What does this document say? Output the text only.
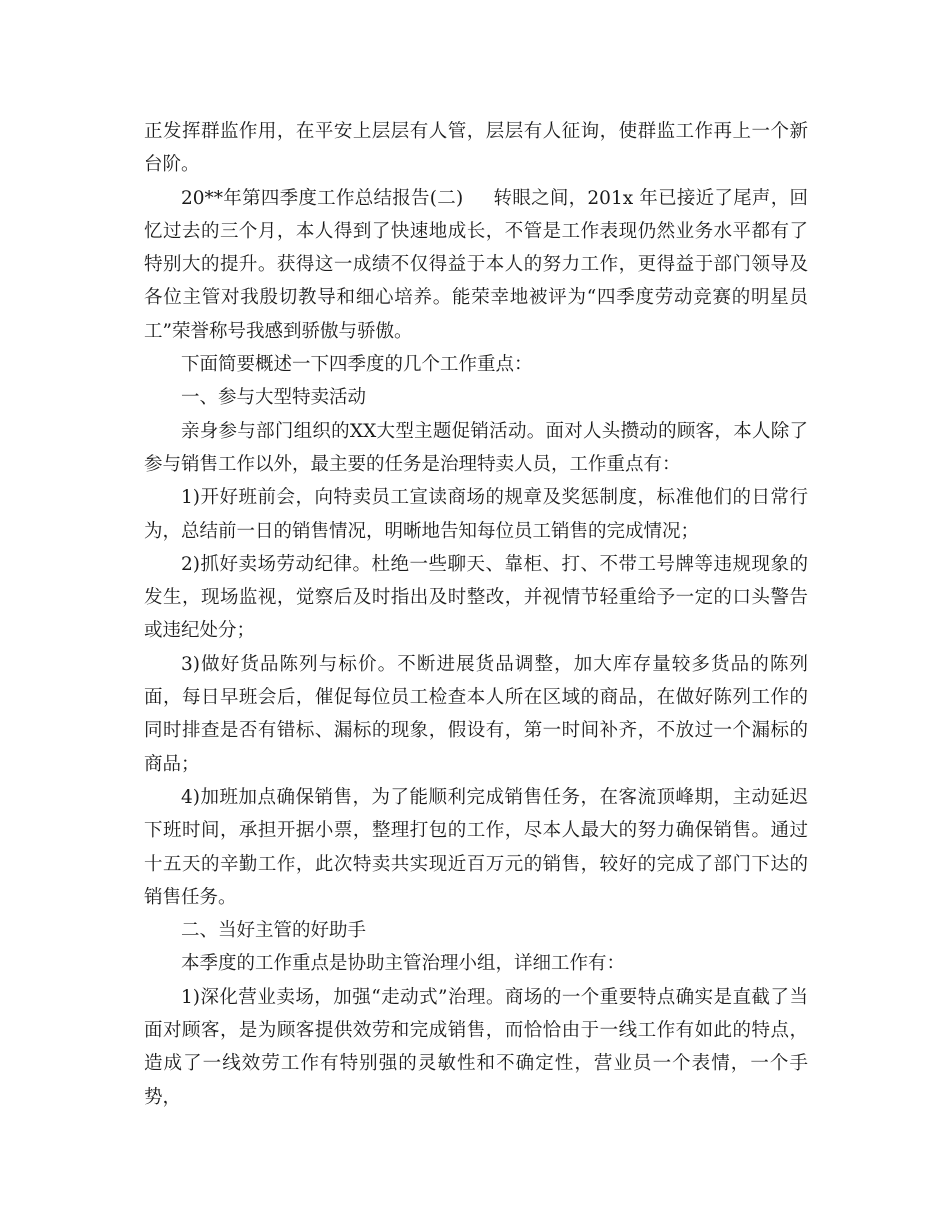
正发挥群监作用，在平安上层层有人管，层层有人征询，使群监工作再上一个新台阶。

20**年第四季度工作总结报告(二) 转眼之间，201x 年已接近了尾声，回忆过去的三个月，本人得到了快速地成长，不管是工作表现仍然业务水平都有了特别大的提升。获得这一成绩不仅得益于本人的努力工作，更得益于部门领导及各位主管对我殷切教导和细心培养。能荣幸地被评为“四季度劳动竞赛的明星员工”荣誉称号我感到骄傲与骄傲。

下面简要概述一下四季度的几个工作重点：

一、参与大型特卖活动

亲身参与部门组织的XX大型主题促销活动。面对人头攒动的顾客，本人除了参与销售工作以外，最主要的任务是治理特卖人员，工作重点有：

1)开好班前会，向特卖员工宣读商场的规章及奖惩制度，标准他们的日常行为，总结前一日的销售情况，明晰地告知每位员工销售的完成情况；

2)抓好卖场劳动纪律。杜绝一些聊天、靠柜、打、不带工号牌等违规现象的发生，现场监视，觉察后及时指出及时整改，并视情节轻重给予一定的口头警告或违纪处分；

3)做好货品陈列与标价。不断进展货品调整，加大库存量较多货品的陈列面，每日早班会后，催促每位员工检查本人所在区域的商品，在做好陈列工作的同时排查是否有错标、漏标的现象，假设有，第一时间补齐，不放过一个漏标的商品；

4)加班加点确保销售，为了能顺利完成销售任务，在客流顶峰期，主动延迟下班时间，承担开据小票，整理打包的工作，尽本人最大的努力确保销售。通过十五天的辛勤工作，此次特卖共实现近百万元的销售，较好的完成了部门下达的销售任务。

二、当好主管的好助手

本季度的工作重点是协助主管治理小组，详细工作有：

1)深化营业卖场，加强“走动式”治理。商场的一个重要特点确实是直截了当面对顾客，是为顾客提供效劳和完成销售，而恰恰由于一线工作有如此的特点，造成了一线效劳工作有特别强的灵敏性和不确定性，营业员一个表情，一个手势，
